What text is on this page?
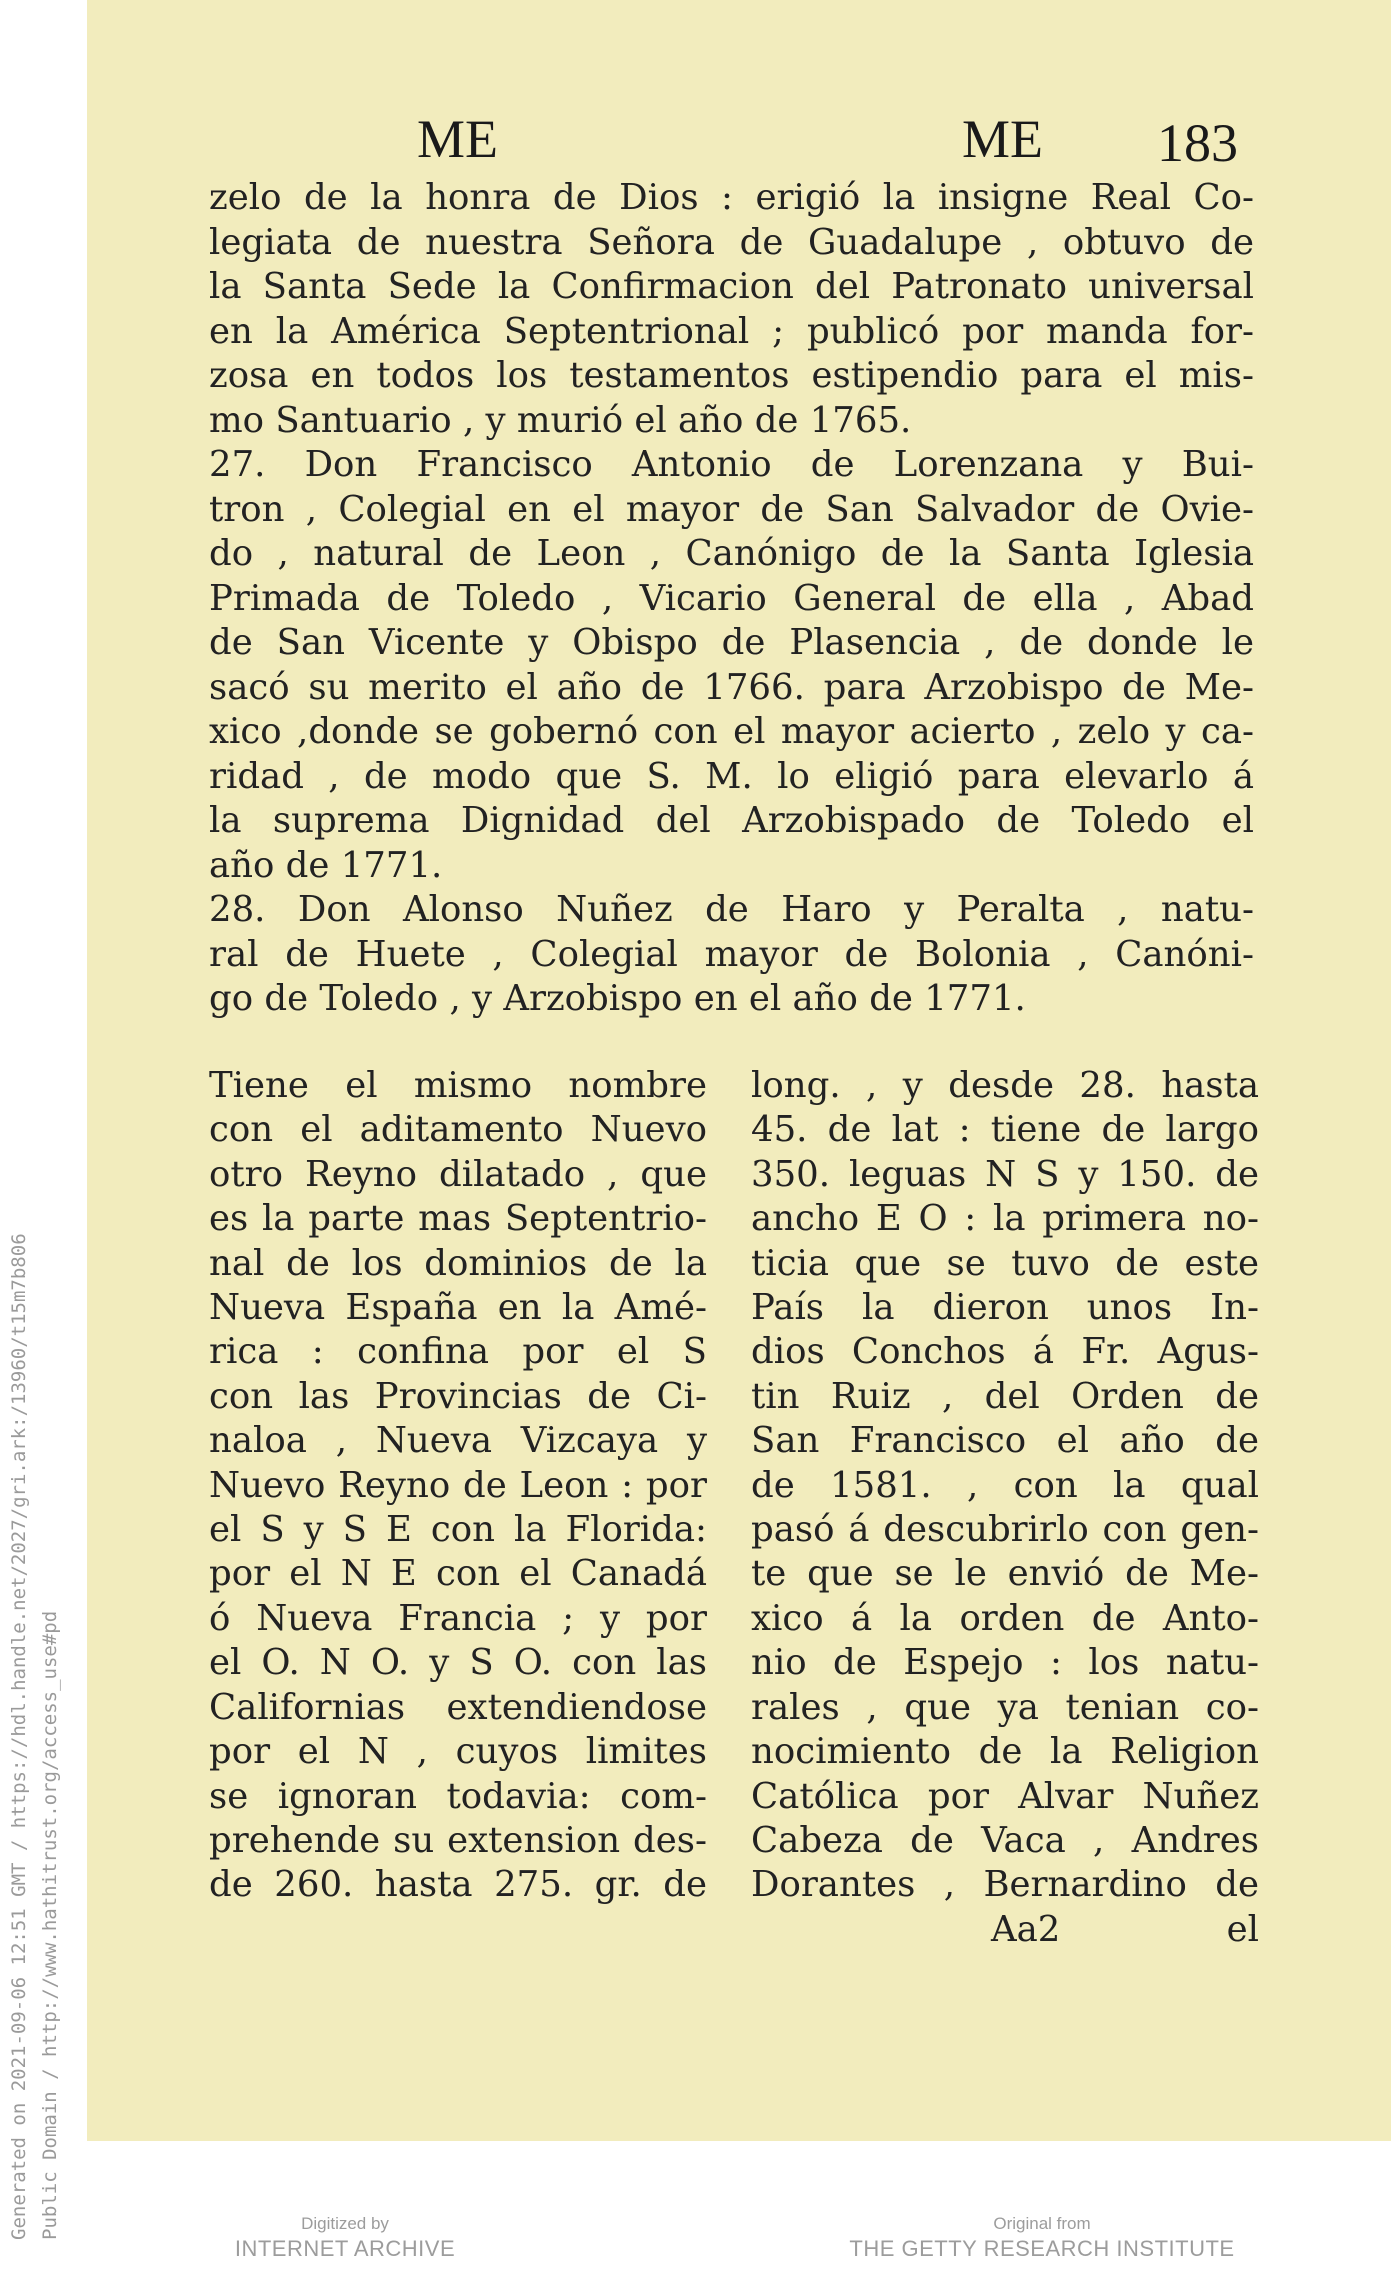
Generated on 2021-09-06 12:51 GMT / https://hdl.handle.net/2027/gri.ark:/13960/t15m7b806 Public Domain / http://www.hathitrust.org/access_use#pd
ME	ME 183
zelo de la honra de Dios : erigió la insigne Real Co-
legiata de nuestra Señora de Guadalupe , obtuvo de
la Santa Sede la Confirmacion del Patronato universal
en la América Septentrional ; publicó por manda for-
zosa en todos los testamentos estipendio para el mis-
mo Santuario , y murió el año de 1765.
27. Don Francisco Antonio de Lorenzana y Bui-
tron , Colegial en el mayor de San Salvador de Ovie-
do , natural de Leon , Canónigo de la Santa Iglesia
Primada de Toledo , Vicario General de ella , Abad
de San Vicente y Obispo de Plasencia , de donde le
sacó su merito el año de 1766. para Arzobispo de Me-
xico ,donde se gobernó con el mayor acierto , zelo y ca-
ridad , de modo que S. M. lo eligió para elevarlo á
la suprema Dignidad del Arzobispado de Toledo el
año de 1771.
28. Don Alonso Nuñez de Haro y Peralta , natu-
ral de Huete , Colegial mayor de Bolonia , Canóni-
go de Toledo , y Arzobispo en el año de 1771.
Tiene el mismo nombre
con el aditamento Nuevo
otro Reyno dilatado , que
es la parte mas Septentrio-
nal de los dominios de la
Nueva España en la Amé-
rica : confina por el S
con las Provincias de Ci-
naloa , Nueva Vizcaya y
Nuevo Reyno de Leon : por
el S y S E con la Florida:
por el N E con el Canadá
ó Nueva Francia ; y por
el O. N O. y S O. con las
Californias extendiendose
por el N , cuyos limites
se ignoran todavia: com-
prehende su extension des-
de 260. hasta 275. gr. de
long. , y desde 28. hasta
45. de lat : tiene de largo
350. leguas N S y 150. de
ancho E O : la primera no-
ticia que se tuvo de este
País la dieron unos In-
dios Conchos á Fr. Agus-
tin Ruiz , del Orden de
San Francisco el año de
de 1581. , con la qual
pasó á descubrirlo con gen-
te que se le envió de Me-
xico á la orden de Anto-
nio de Espejo : los natu-
rales , que ya tenian co-
nocimiento de la Religion
Católica por Alvar Nuñez
Cabeza de Vaca , Andres
Dorantes , Bernardino de
Aa2	el
Digitized by
INTERNET ARCHIVE
Original from
THE GETTY RESEARCH INSTITUTE
